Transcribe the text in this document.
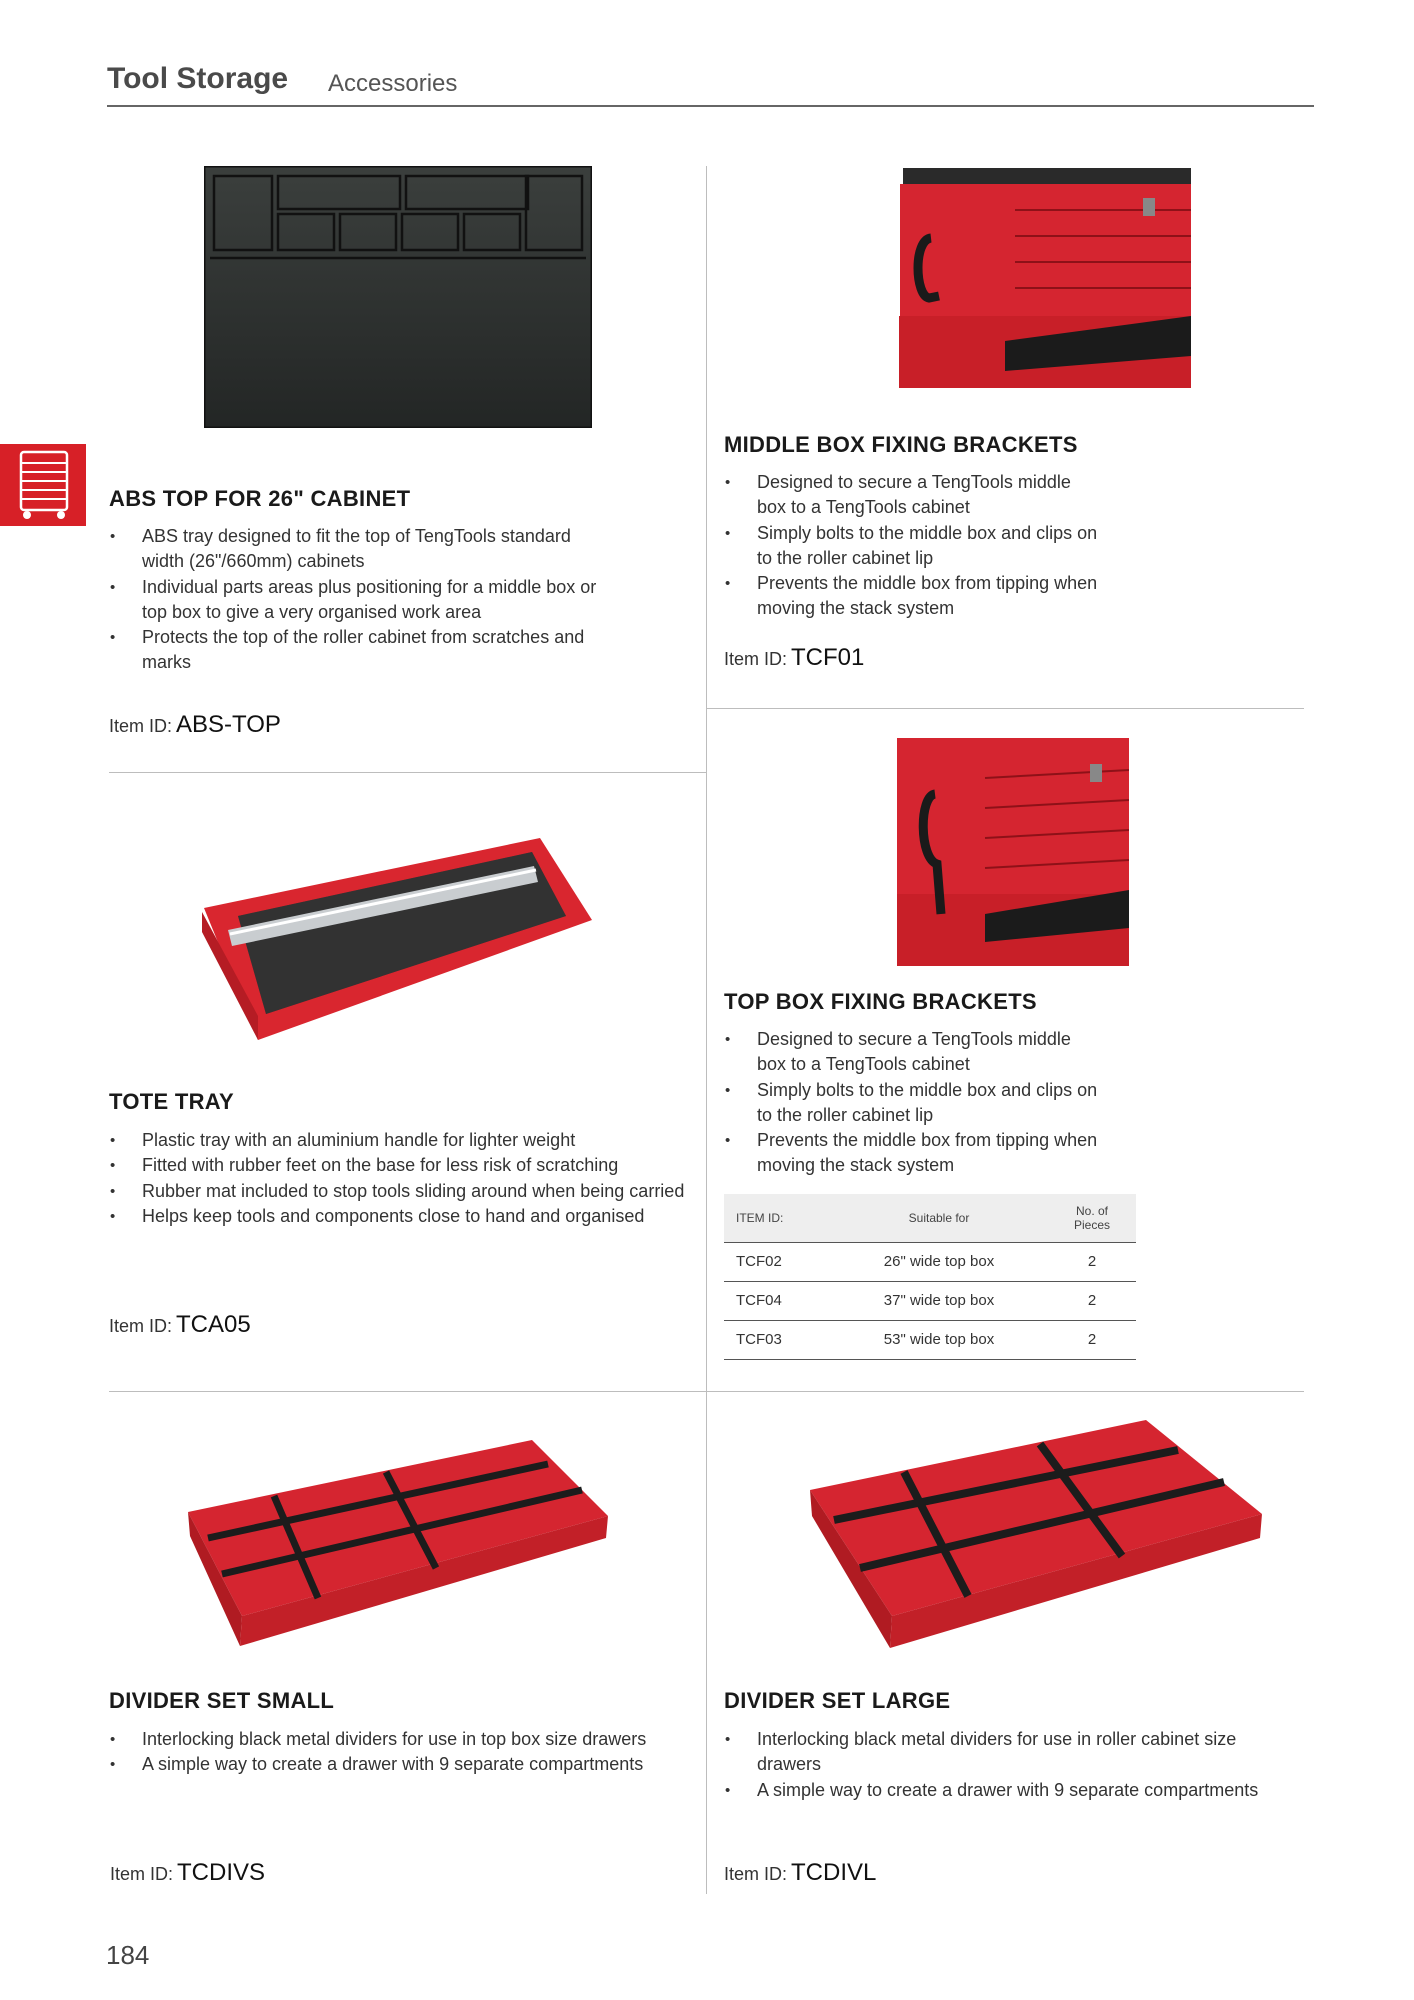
Tool Storage Accessories
ABS TOP FOR 26" CABINET
• ABS tray designed to fit the top of TengTools standard width (26"/660mm) cabinets
• Individual parts areas plus positioning for a middle box or top box to give a very organised work area
• Protects the top of the roller cabinet from scratches and marks
Item ID: ABS-TOP
MIDDLE BOX FIXING BRACKETS
• Designed to secure a TengTools middle box to a TengTools cabinet
• Simply bolts to the middle box and clips on to the roller cabinet lip
• Prevents the middle box from tipping when moving the stack system
Item ID: TCF01
TOP BOX FIXING BRACKETS
• Designed to secure a TengTools middle box to a TengTools cabinet
• Simply bolts to the middle box and clips on to the roller cabinet lip
• Prevents the middle box from tipping when moving the stack system
ITEM ID:	Suitable for	No. of Pieces
TCF02	26" wide top box	2
TCF04	37" wide top box	2
TCF03	53" wide top box	2
TOTE TRAY
• Plastic tray with an aluminium handle for lighter weight
• Fitted with rubber feet on the base for less risk of scratching
• Rubber mat included to stop tools sliding around when being carried
• Helps keep tools and components close to hand and organised
Item ID: TCA05
DIVIDER SET SMALL
• Interlocking black metal dividers for use in top box size drawers
• A simple way to create a drawer with 9 separate compartments
Item ID: TCDIVS
DIVIDER SET LARGE
• Interlocking black metal dividers for use in roller cabinet size drawers
• A simple way to create a drawer with 9 separate compartments
Item ID: TCDIVL
184
